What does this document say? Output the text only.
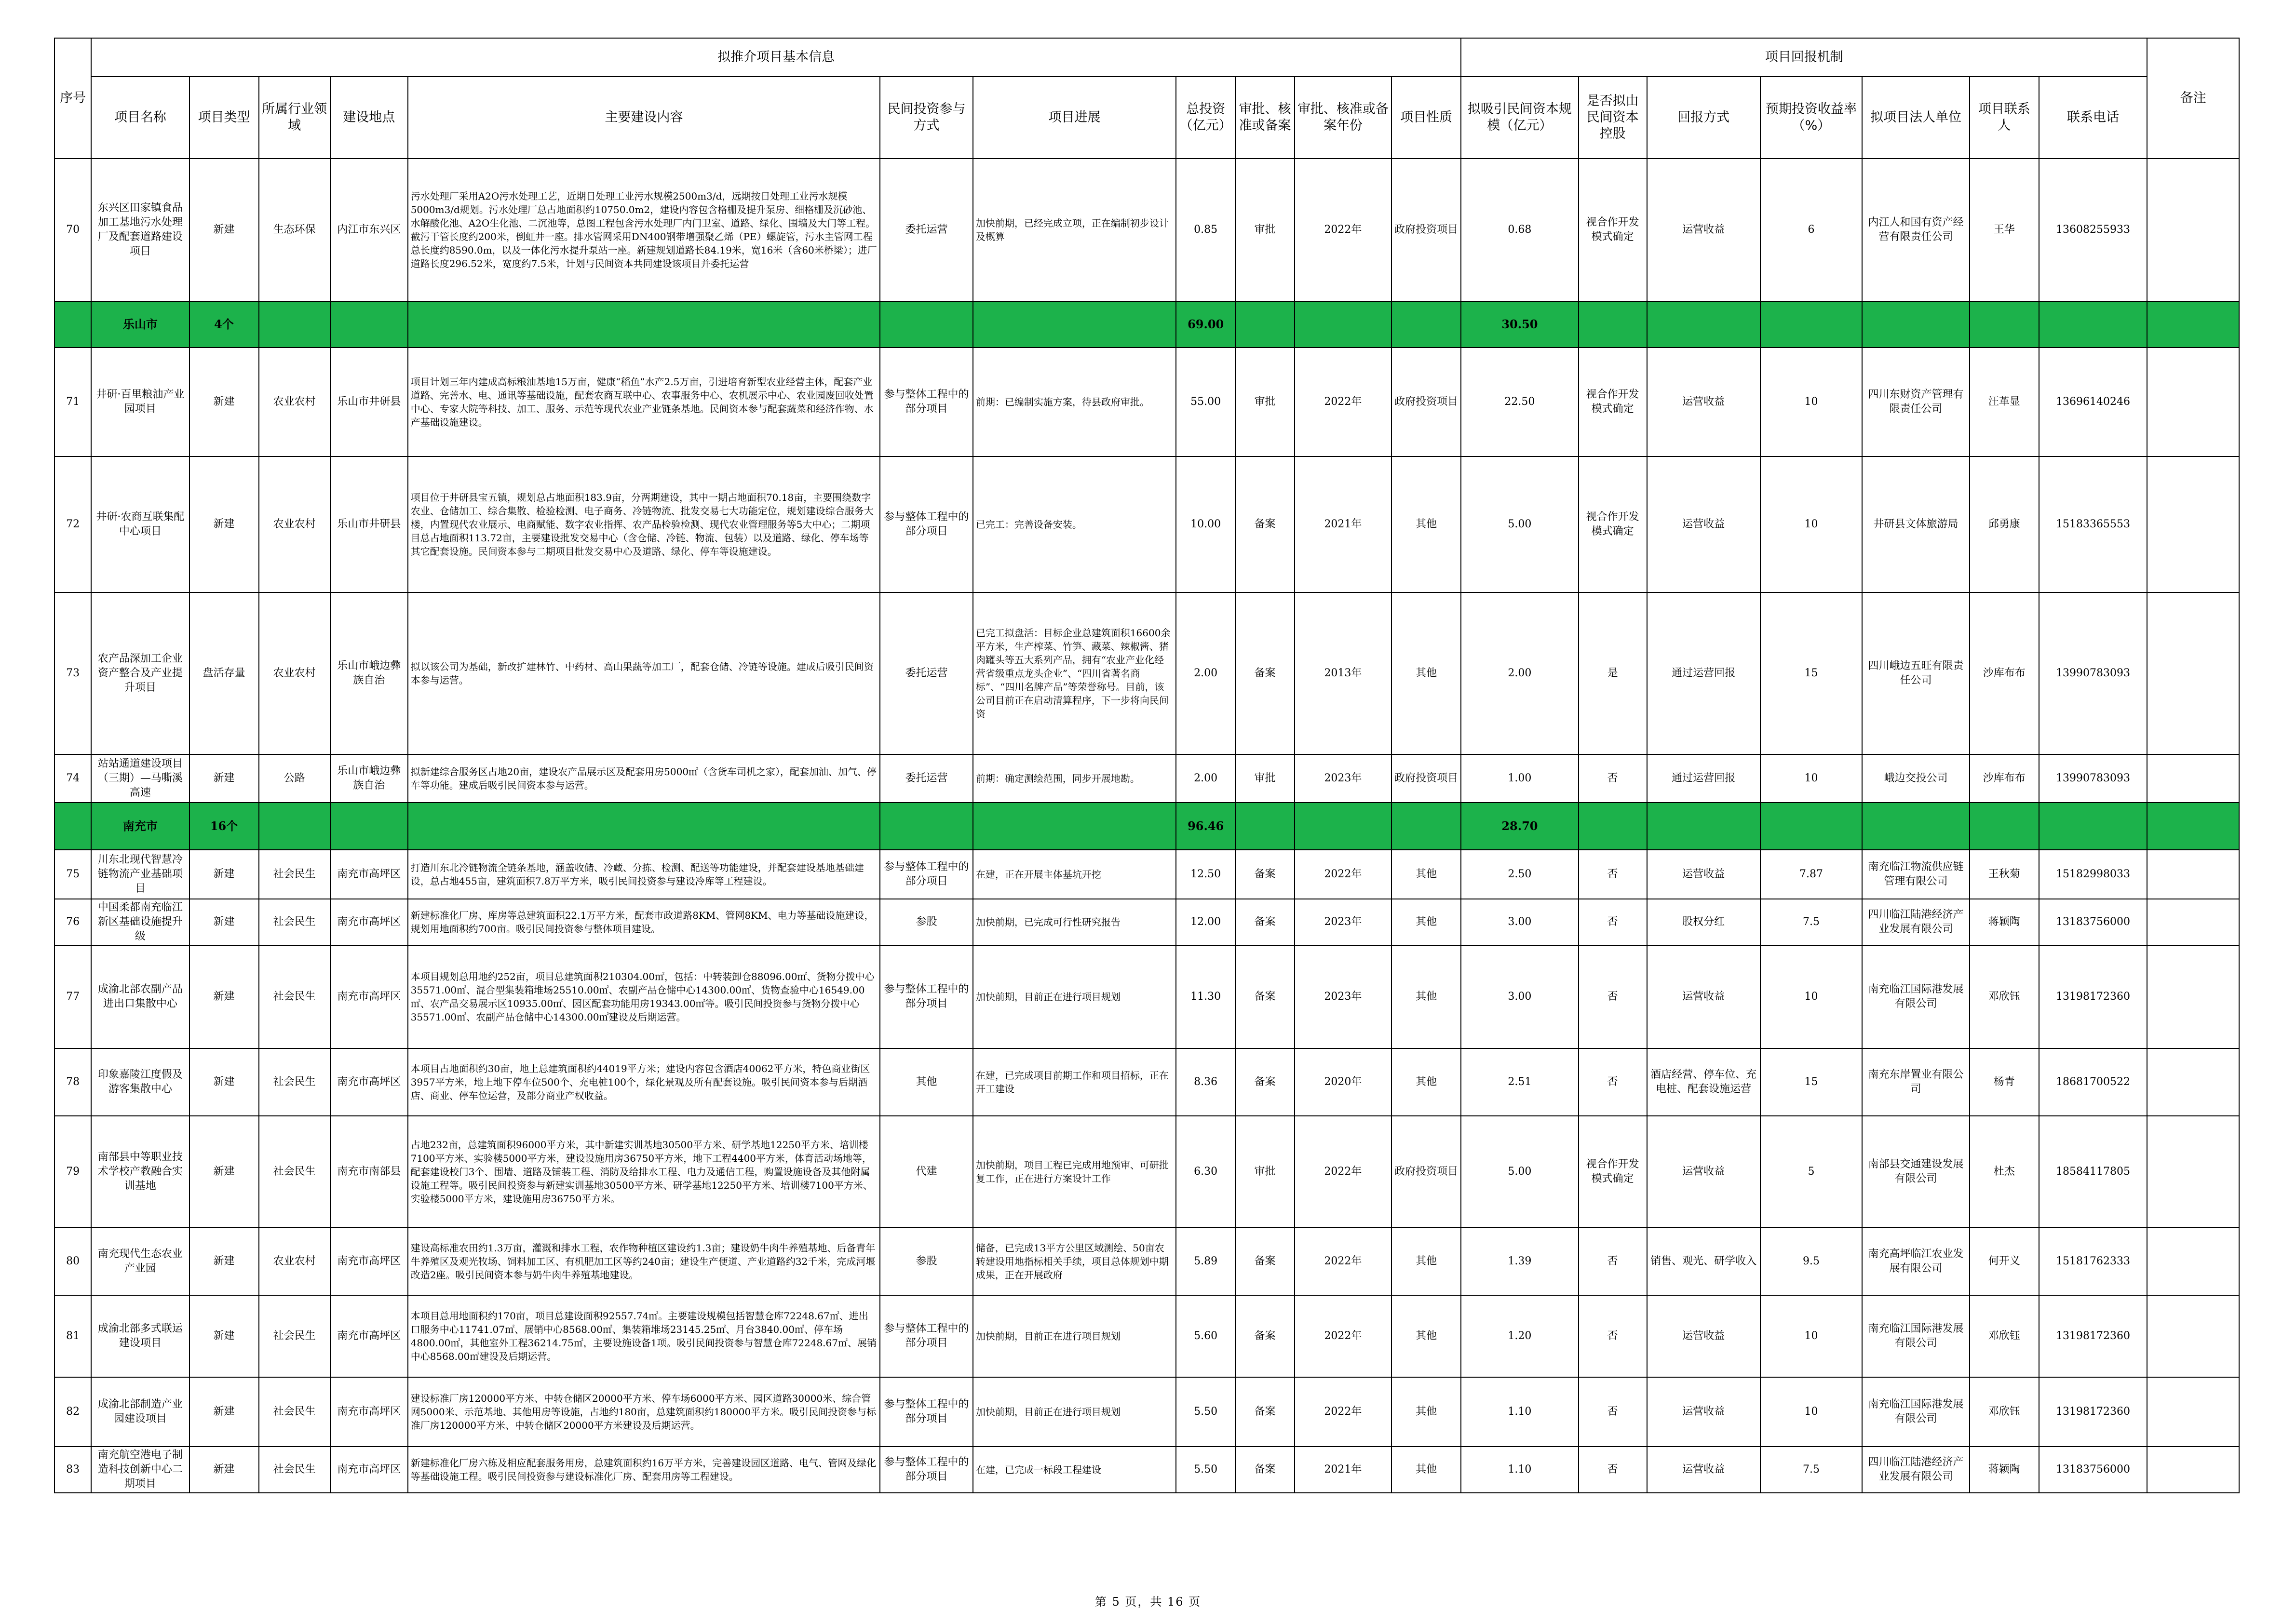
序号	拟推介项目基本信息											项目回报机制							备注
	项目名称	项目类型	所属行业领域	建设地点	主要建设内容	民间投资参与方式	项目进展	总投资（亿元）	审批、核准或备案	审批、核准或备案年份	项目性质	拟吸引民间资本规模（亿元）	是否拟由民间资本控股	回报方式	预期投资收益率（%）	拟项目法人单位	项目联系人	联系电话	
70	东兴区田家镇食品加工基地污水处理厂及配套道路建设项目	新建	生态环保	内江市东兴区	污水处理厂采用A2O污水处理工艺，近期日处理工业污水规模2500m3/d，远期按日处理工业污水规模5000m3/d规划。污水处理厂总占地面积约10750.0m2，建设内容包含格栅及提升泵房、细格栅及沉砂池、水解酸化池、A2O生化池、二沉池等，总图工程包含污水处理厂内门卫室、道路、绿化、围墙及大门等工程。截污干管长度约200米，倒虹井一座。排水管网采用DN400钢带增强聚乙烯（PE）螺旋管，污水主管网工程总长度约8590.0m，以及一体化污水提升泵站一座。新建规划道路长84.19米，宽16米（含60米桥梁）；进厂道路长度296.52米，宽度约7.5米，计划与民间资本共同建设该项目并委托运营	委托运营	加快前期，已经完成立项，正在编制初步设计及概算	0.85	审批	2022年	政府投资项目	0.68	视合作开发模式确定	运营收益	6	内江人和国有资产经营有限责任公司	王华	13608255933	
	乐山市	4个						69.00				30.50							
71	井研·百里粮油产业园项目	新建	农业农村	乐山市井研县	项目计划三年内建成高标粮油基地15万亩，健康“稻鱼”水产2.5万亩，引进培育新型农业经营主体，配套产业道路、完善水、电、通讯等基础设施，配套农商互联中心、农事服务中心、农机展示中心、农业园废回收处置中心、专家大院等科技、加工、服务、示范等现代农业产业链条基地。民间资本参与配套蔬菜和经济作物、水产基础设施建设。	参与整体工程中的部分项目	前期：已编制实施方案，待县政府审批。	55.00	审批	2022年	政府投资项目	22.50	视合作开发模式确定	运营收益	10	四川东财资产管理有限责任公司	汪革显	13696140246	
72	井研·农商互联集配中心项目	新建	农业农村	乐山市井研县	项目位于井研县宝五镇，规划总占地面积183.9亩，分两期建设，其中一期占地面积70.18亩，主要围绕数字农业、仓储加工、综合集散、检验检测、电子商务、冷链物流、批发交易七大功能定位，规划建设综合服务大楼，内置现代农业展示、电商赋能、数字农业指挥、农产品检验检测、现代农业管理服务等5大中心；二期项目总占地面积113.72亩，主要建设批发交易中心（含仓储、冷链、物流、包装）以及道路、绿化、停车场等其它配套设施。民间资本参与二期项目批发交易中心及道路、绿化、停车等设施建设。	参与整体工程中的部分项目	已完工：完善设备安装。	10.00	备案	2021年	其他	5.00	视合作开发模式确定	运营收益	10	井研县文体旅游局	邱勇康	15183365553	
73	农产品深加工企业资产整合及产业提升项目	盘活存量	农业农村	乐山市峨边彝族自治	拟以该公司为基础，新改扩建林竹、中药材、高山果蔬等加工厂，配套仓储、冷链等设施。建成后吸引民间资本参与运营。	委托运营	已完工拟盘活：目标企业总建筑面积16600余平方米，生产榨菜、竹笋、藏菜、辣椒酱、猪肉罐头等五大系列产品，拥有“农业产业化经营省级重点龙头企业”、“四川省著名商标”、“四川名牌产品”等荣誉称号。目前，该公司目前正在启动清算程序，下一步将向民间资	2.00	备案	2013年	其他	2.00	是	通过运营回报	15	四川峨边五旺有限责任公司	沙库布布	13990783093	
74	站站通道建设项目（三期）—马嘶溪高速	新建	公路	乐山市峨边彝族自治	拟新建综合服务区占地20亩，建设农产品展示区及配套用房5000㎡（含货车司机之家），配套加油、加气、停车等功能。建成后吸引民间资本参与运营。	委托运营	前期：确定测绘范围，同步开展地勘。	2.00	审批	2023年	政府投资项目	1.00	否	通过运营回报	10	峨边交投公司	沙库布布	13990783093	
	南充市	16个						96.46				28.70							
75	川东北现代智慧冷链物流产业基础项目	新建	社会民生	南充市高坪区	打造川东北冷链物流全链条基地，涵盖收储、冷藏、分拣、检测、配送等功能建设，并配套建设基地基础建设，总占地455亩，建筑面积7.8万平方米，吸引民间投资参与建设冷库等工程建设。	参与整体工程中的部分项目	在建，正在开展主体基坑开挖	12.50	备案	2022年	其他	2.50	否	运营收益	7.87	南充临江物流供应链管理有限公司	王秋菊	15182998033	
76	中国柔都南充临江新区基础设施提升级	新建	社会民生	南充市高坪区	新建标准化厂房、库房等总建筑面积22.1万平方米，配套市政道路8KM、管网8KM、电力等基础设施建设，规划用地面积约700亩。吸引民间投资参与整体项目建设。	参股	加快前期，已完成可行性研究报告	12.00	备案	2023年	其他	3.00	否	股权分红	7.5	四川临江陆港经济产业发展有限公司	蒋颖陶	13183756000	
77	成渝北部农副产品进出口集散中心	新建	社会民生	南充市高坪区	本项目规划总用地约252亩，项目总建筑面积210304.00㎡，包括：中转装卸仓88096.00㎡、货物分拨中心35571.00㎡、混合型集装箱堆场25510.00㎡、农副产品仓储中心14300.00㎡、货物查验中心16549.00㎡、农产品交易展示区10935.00㎡、园区配套功能用房19343.00㎡等。吸引民间投资参与货物分拨中心35571.00㎡、农副产品仓储中心14300.00㎡建设及后期运营。	参与整体工程中的部分项目	加快前期，目前正在进行项目规划	11.30	备案	2023年	其他	3.00	否	运营收益	10	南充临江国际港发展有限公司	邓欣钰	13198172360	
78	印象嘉陵江度假及游客集散中心	新建	社会民生	南充市高坪区	本项目占地面积约30亩，地上总建筑面积约44019平方米；建设内容包含酒店40062平方米，特色商业街区3957平方米，地上地下停车位500个、充电桩100个，绿化景观及所有配套设施。吸引民间资本参与后期酒店、商业、停车位运营，及部分商业产权收益。	其他	在建，已完成项目前期工作和项目招标，正在开工建设	8.36	备案	2020年	其他	2.51	否	酒店经营、停车位、充电桩、配套设施运营	15	南充东岸置业有限公司	杨青	18681700522	
79	南部县中等职业技术学校产教融合实训基地	新建	社会民生	南充市南部县	占地232亩，总建筑面积96000平方米，其中新建实训基地30500平方米、研学基地12250平方米、培训楼7100平方米、实验楼5000平方米，建设设施用房36750平方米，地下工程4400平方米，体育活动场地等，配套建设校门3个、围墙、道路及铺装工程、消防及给排水工程、电力及通信工程，购置设施设备及其他附属设施工程等。吸引民间投资参与新建实训基地30500平方米、研学基地12250平方米、培训楼7100平方米、实验楼5000平方米，建设施用房36750平方米。	代建	加快前期，项目工程已完成用地预审、可研批复工作，正在进行方案设计工作	6.30	审批	2022年	政府投资项目	5.00	视合作开发模式确定	运营收益	5	南部县交通建设发展有限公司	杜杰	18584117805	
80	南充现代生态农业产业园	新建	农业农村	南充市高坪区	建设高标准农田约1.3万亩，灌溉和排水工程，农作物种植区建设约1.3亩；建设奶牛肉牛养殖基地、后备青年牛养殖区及观光牧场、饲料加工区、有机肥加工区等约240亩；建设生产便道、产业道路约32千米，完成河堰改造2座。吸引民间资本参与奶牛肉牛养殖基地建设。	参股	储备，已完成13平方公里区域测绘、50亩农转建设用地指标相关手续，项目总体规划中期成果，正在开展政府	5.89	备案	2022年	其他	1.39	否	销售、观光、研学收入	9.5	南充高坪临江农业发展有限公司	何开义	15181762333	
81	成渝北部多式联运建设项目	新建	社会民生	南充市高坪区	本项目总用地面积约170亩，项目总建设面积92557.74㎡。主要建设规模包括智慧仓库72248.67㎡、进出口服务中心11741.07㎡、展销中心8568.00㎡、集装箱堆场23145.25㎡、月台3840.00㎡、停车场4800.00㎡，其他室外工程36214.75㎡，主要设施设备1项。吸引民间投资参与智慧仓库72248.67㎡、展销中心8568.00㎡建设及后期运营。	参与整体工程中的部分项目	加快前期，目前正在进行项目规划	5.60	备案	2022年	其他	1.20	否	运营收益	10	南充临江国际港发展有限公司	邓欣钰	13198172360	
82	成渝北部制造产业园建设项目	新建	社会民生	南充市高坪区	建设标准厂房120000平方米、中转仓储区20000平方米、停车场6000平方米、园区道路30000米、综合管网5000米、示范基地、其他用房等设施，占地约180亩，总建筑面积约180000平方米。吸引民间投资参与标准厂房120000平方米、中转仓储区20000平方米建设及后期运营。	参与整体工程中的部分项目	加快前期，目前正在进行项目规划	5.50	备案	2022年	其他	1.10	否	运营收益	10	南充临江国际港发展有限公司	邓欣钰	13198172360	
83	南充航空港电子制造科技创新中心二期项目	新建	社会民生	南充市高坪区	新建标准化厂房六栋及相应配套服务用房，总建筑面积约16万平方米，完善建设园区道路、电气、管网及绿化等基础设施工程。吸引民间投资参与建设标准化厂房、配套用房等工程建设。	参与整体工程中的部分项目	在建，已完成一标段工程建设	5.50	备案	2021年	其他	1.10	否	运营收益	7.5	四川临江陆港经济产业发展有限公司	蒋颖陶	13183756000	
第 5 页，共 16 页
